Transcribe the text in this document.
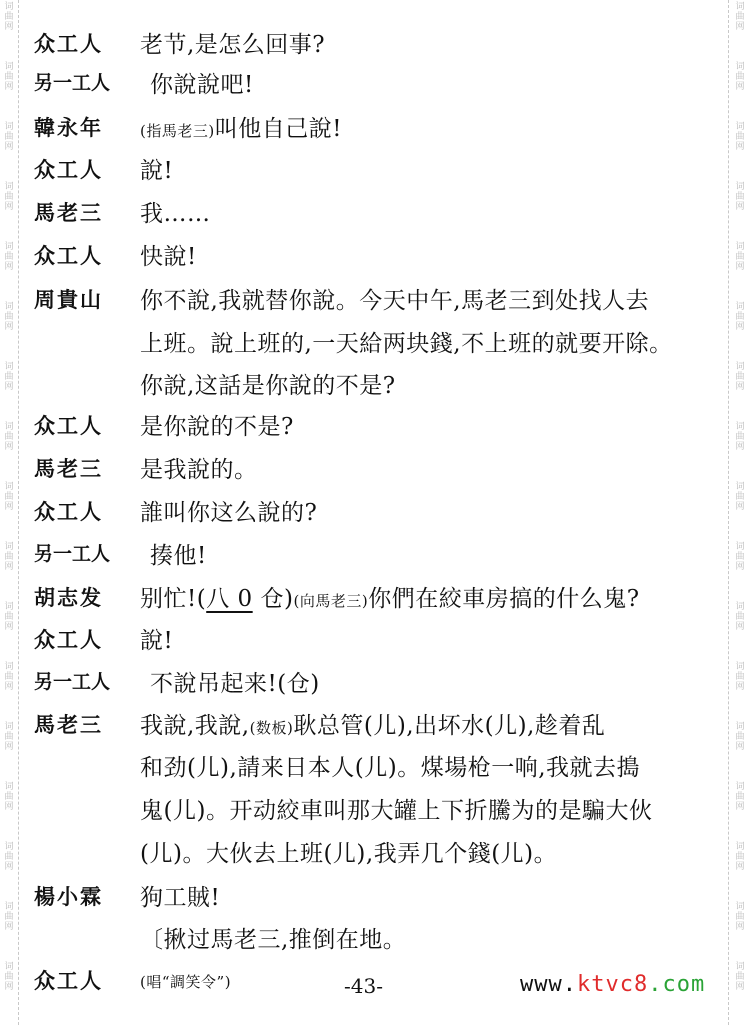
词
曲
网
词
曲
网
词
曲
网
词
曲
网
词
曲
网
词
曲
网
词
曲
网
词
曲
网
词
曲
网
词
曲
网
词
曲
网
词
曲
网
词
曲
网
词
曲
网
词
曲
网
词
曲
网
词
曲
网
词
曲
网
词
曲
网
词
曲
网
词
曲
网
词
曲
网
词
曲
网
词
曲
网
词
曲
网
词
曲
网
词
曲
网
词
曲
网
词
曲
网
词
曲
网
词
曲
网
词
曲
网
词
曲
网
词
曲
网
众工人 老节,是怎么回事?
另一工人 你說說吧!
韓永年 (指馬老三)叫他自己說!
众工人 說!
馬老三 我……
众工人 快說!
周貴山 你不說,我就替你說。今天中午,馬老三到处找人去
上班。說上班的,一天給两块錢,不上班的就要开除。
你說,这話是你說的不是?
众工人 是你說的不是?
馬老三 是我說的。
众工人 誰叫你这么說的?
另一工人 揍他!
胡志发 别忙!(八 0 仓)(向馬老三)你們在絞車房搞的什么鬼?
众工人 說!
另一工人 不說吊起来!(仓)
馬老三 我說,我說,(数板)耿总管(儿),出坏水(儿),趁着乱
和劲(儿),請来日本人(儿)。煤場枪一响,我就去搗
鬼(儿)。开动絞車叫那大罐上下折騰为的是騙大伙
(儿)。大伙去上班(儿),我弄几个錢(儿)。
楊小霖 狗工賊!
〔揪过馬老三,推倒在地。
众工人 (唱“調笑令”)	-43-	www.ktvc8.com
